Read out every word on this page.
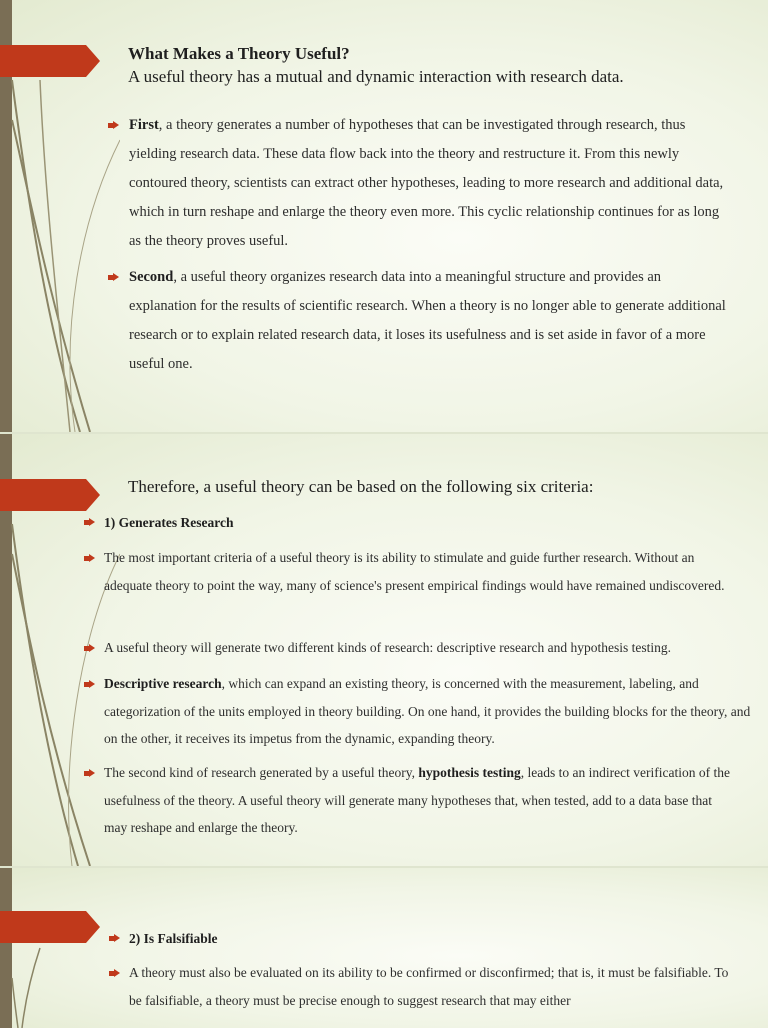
What Makes a Theory Useful?
A useful theory has a mutual and dynamic interaction with research data.
First, a theory generates a number of hypotheses that can be investigated through research, thus yielding research data. These data flow back into the theory and restructure it. From this newly contoured theory, scientists can extract other hypotheses, leading to more research and additional data, which in turn reshape and enlarge the theory even more. This cyclic relationship continues for as long as the theory proves useful.
Second, a useful theory organizes research data into a meaningful structure and provides an explanation for the results of scientific research. When a theory is no longer able to generate additional research or to explain related research data, it loses its usefulness and is set aside in favor of a more useful one.
Therefore, a useful theory can be based on the following six criteria:
1) Generates Research
The most important criteria of a useful theory is its ability to stimulate and guide further research. Without an adequate theory to point the way, many of science's present empirical findings would have remained undiscovered.
A useful theory will generate two different kinds of research: descriptive research and hypothesis testing.
Descriptive research, which can expand an existing theory, is concerned with the measurement, labeling, and categorization of the units employed in theory building. On one hand, it provides the building blocks for the theory, and on the other, it receives its impetus from the dynamic, expanding theory.
The second kind of research generated by a useful theory, hypothesis testing, leads to an indirect verification of the usefulness of the theory. A useful theory will generate many hypotheses that, when tested, add to a data base that may reshape and enlarge the theory.
2) Is Falsifiable
A theory must also be evaluated on its ability to be confirmed or disconfirmed; that is, it must be falsifiable. To be falsifiable, a theory must be precise enough to suggest research that may either
